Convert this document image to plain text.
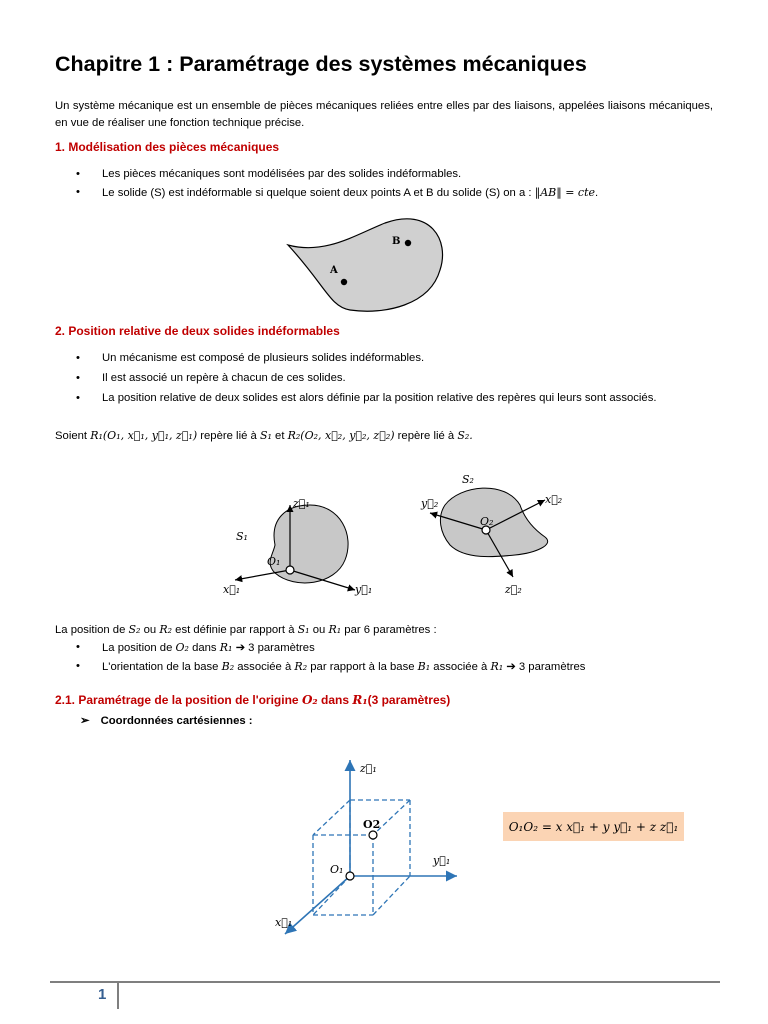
Chapitre 1 : Paramétrage des systèmes mécaniques
Un système mécanique est un ensemble de pièces mécaniques reliées entre elles par des liaisons, appelées liaisons mécaniques, en vue de réaliser une fonction technique précise.
1. Modélisation des pièces mécaniques
• Les pièces mécaniques sont modélisées par des solides indéformables.
• Le solide (S) est indéformable si quelque soient deux points A et B du solide (S) on a : ‖AB‖ = cte.
B
A
2. Position relative de deux solides indéformables
• Un mécanisme est composé de plusieurs solides indéformables.
• Il est associé un repère à chacun de ces solides.
• La position relative de deux solides est alors définie par la position relative des repères qui leurs sont associés.
Soient R₁(O₁, x⃗₁, y⃗₁, z⃗₁) repère lié à S₁ et R₂(O₂, x⃗₂, y⃗₂, z⃗₂) repère lié à S₂.
S₁
O₁
x⃗₁	y⃗₁
z⃗₁
S₂
O₂
x⃗₂
y⃗₂
z⃗₂
La position de S₂ ou R₂ est définie par rapport à S₁ ou R₁ par 6 paramètres :
• La position de O₂ dans R₁ ➔ 3 paramètres
• L'orientation de la base B₂ associée à R₂ par rapport à la base B₁ associée à R₁ ➔ 3 paramètres
2.1. Paramétrage de la position de l'origine O₂ dans R₁(3 paramètres)
➢ Coordonnées cartésiennes :
z⃗₁
y⃗₁
x⃗₁
O₁
O2	O₁O₂ = x x⃗₁ + y y⃗₁ + z z⃗₁
1
